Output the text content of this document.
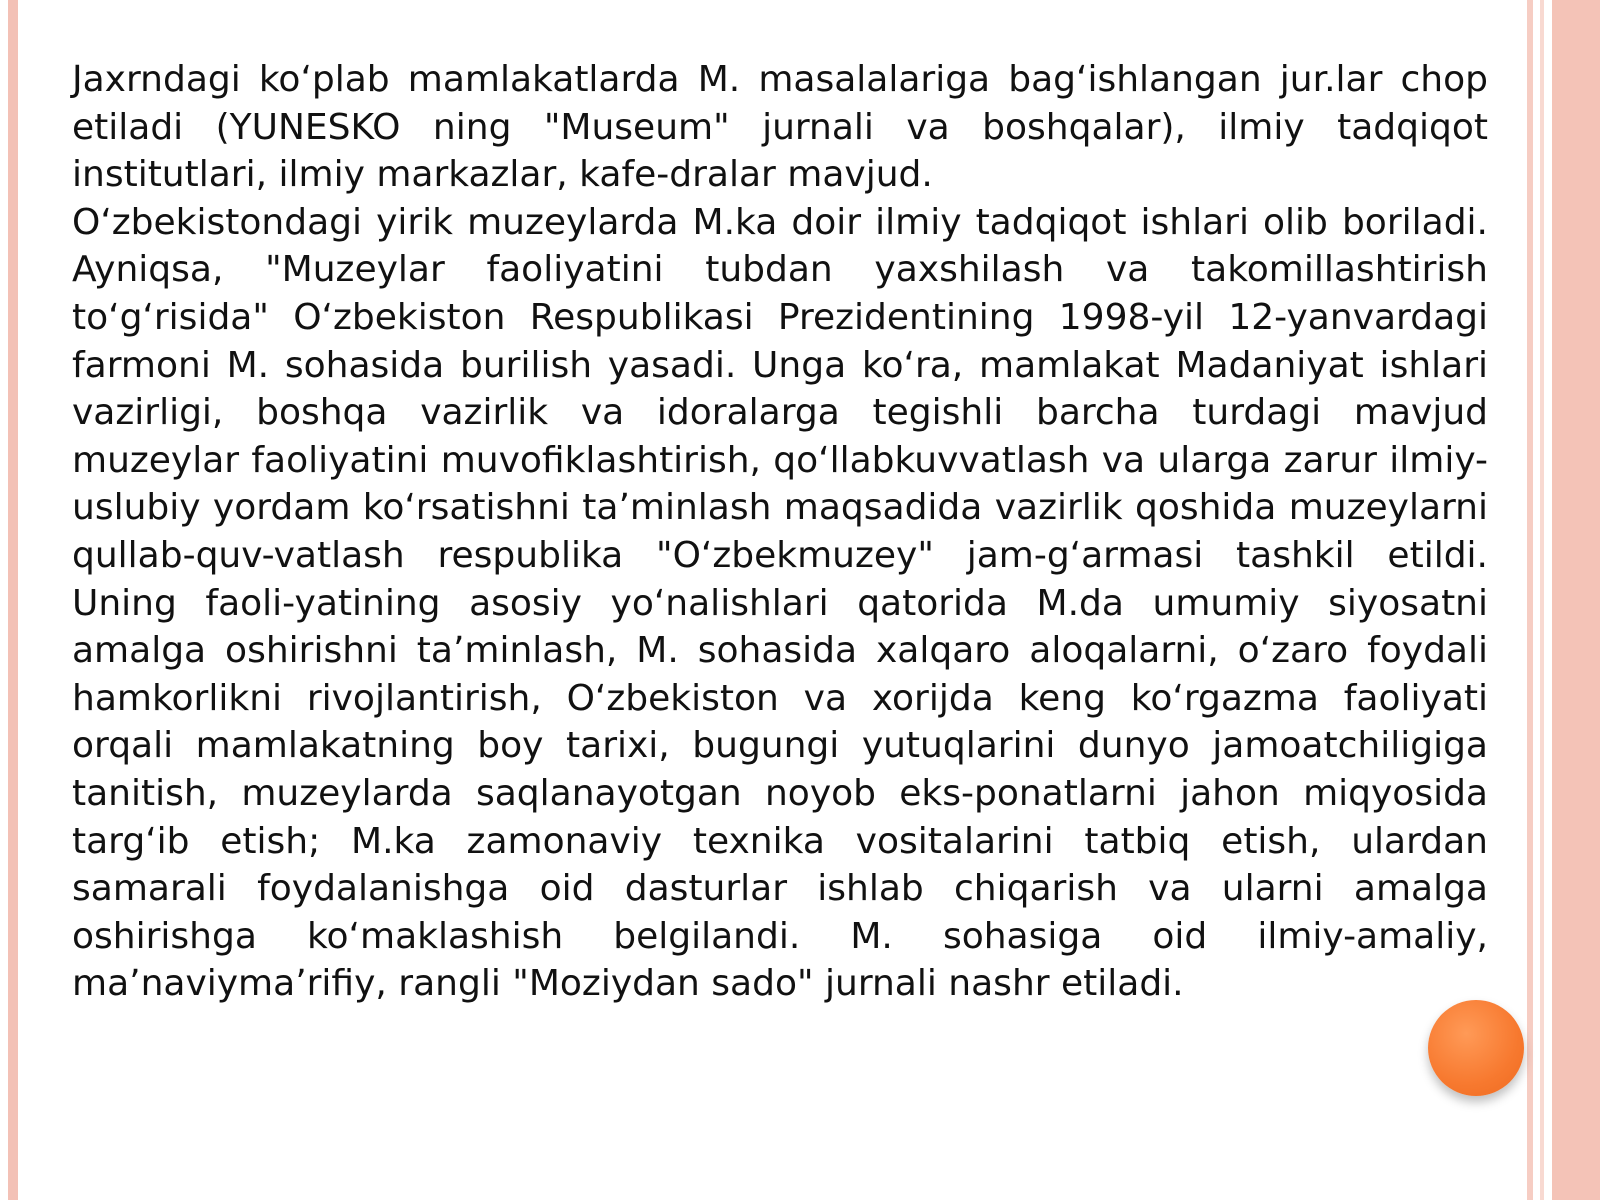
Jaxrndagi koʻplab mamlakatlarda M. masalalariga bagʻishlangan jur.lar chop etiladi (YUNESKO ning "Museum" jurnali va boshqalar), ilmiy tadqiqot institutlari, ilmiy markazlar, kafe-dralar mavjud.

Oʻzbekistondagi yirik muzeylarda M.ka doir ilmiy tadqiqot ishlari olib boriladi. Ayniqsa, "Muzeylar faoliyatini tubdan yaxshilash va takomillashtirish toʻgʻrisida" Oʻzbekiston Respublikasi Prezidentining 1998-yil 12-yanvardagi farmoni M. sohasida burilish yasadi. Unga koʻra, mamlakat Madaniyat ishlari vazirligi, boshqa vazirlik va idoralarga tegishli barcha turdagi mavjud muzeylar faoliyatini muvofiklashtirish, qoʻllabkuvvatlash va ularga zarur ilmiy-uslubiy yordam koʻrsatishni taʼminlash maqsadida vazirlik qoshida muzeylarni qullab-quv-vatlash respublika "Oʻzbekmuzey" jam-gʻarmasi tashkil etildi. Uning faoli-yatining asosiy yoʻnalishlari qatorida M.da umumiy siyosatni amalga oshirishni taʼminlash, M. sohasida xalqaro aloqalarni, oʻzaro foydali hamkorlikni rivojlantirish, Oʻzbekiston va xorijda keng koʻrgazma faoliyati orqali mamlakatning boy tarixi, bugungi yutuqlarini dunyo jamoatchiligiga tanitish, muzeylarda saqlanayotgan noyob eks-ponatlarni jahon miqyosida targʻib etish; M.ka zamonaviy texnika vositalarini tatbiq etish, ulardan samarali foydalanishga oid dasturlar ishlab chiqarish va ularni amalga oshirishga koʻmaklashish belgilandi. M. sohasiga oid ilmiy-amaliy, maʼnaviymaʼrifiy, rangli "Moziydan sado" jurnali nashr etiladi.
